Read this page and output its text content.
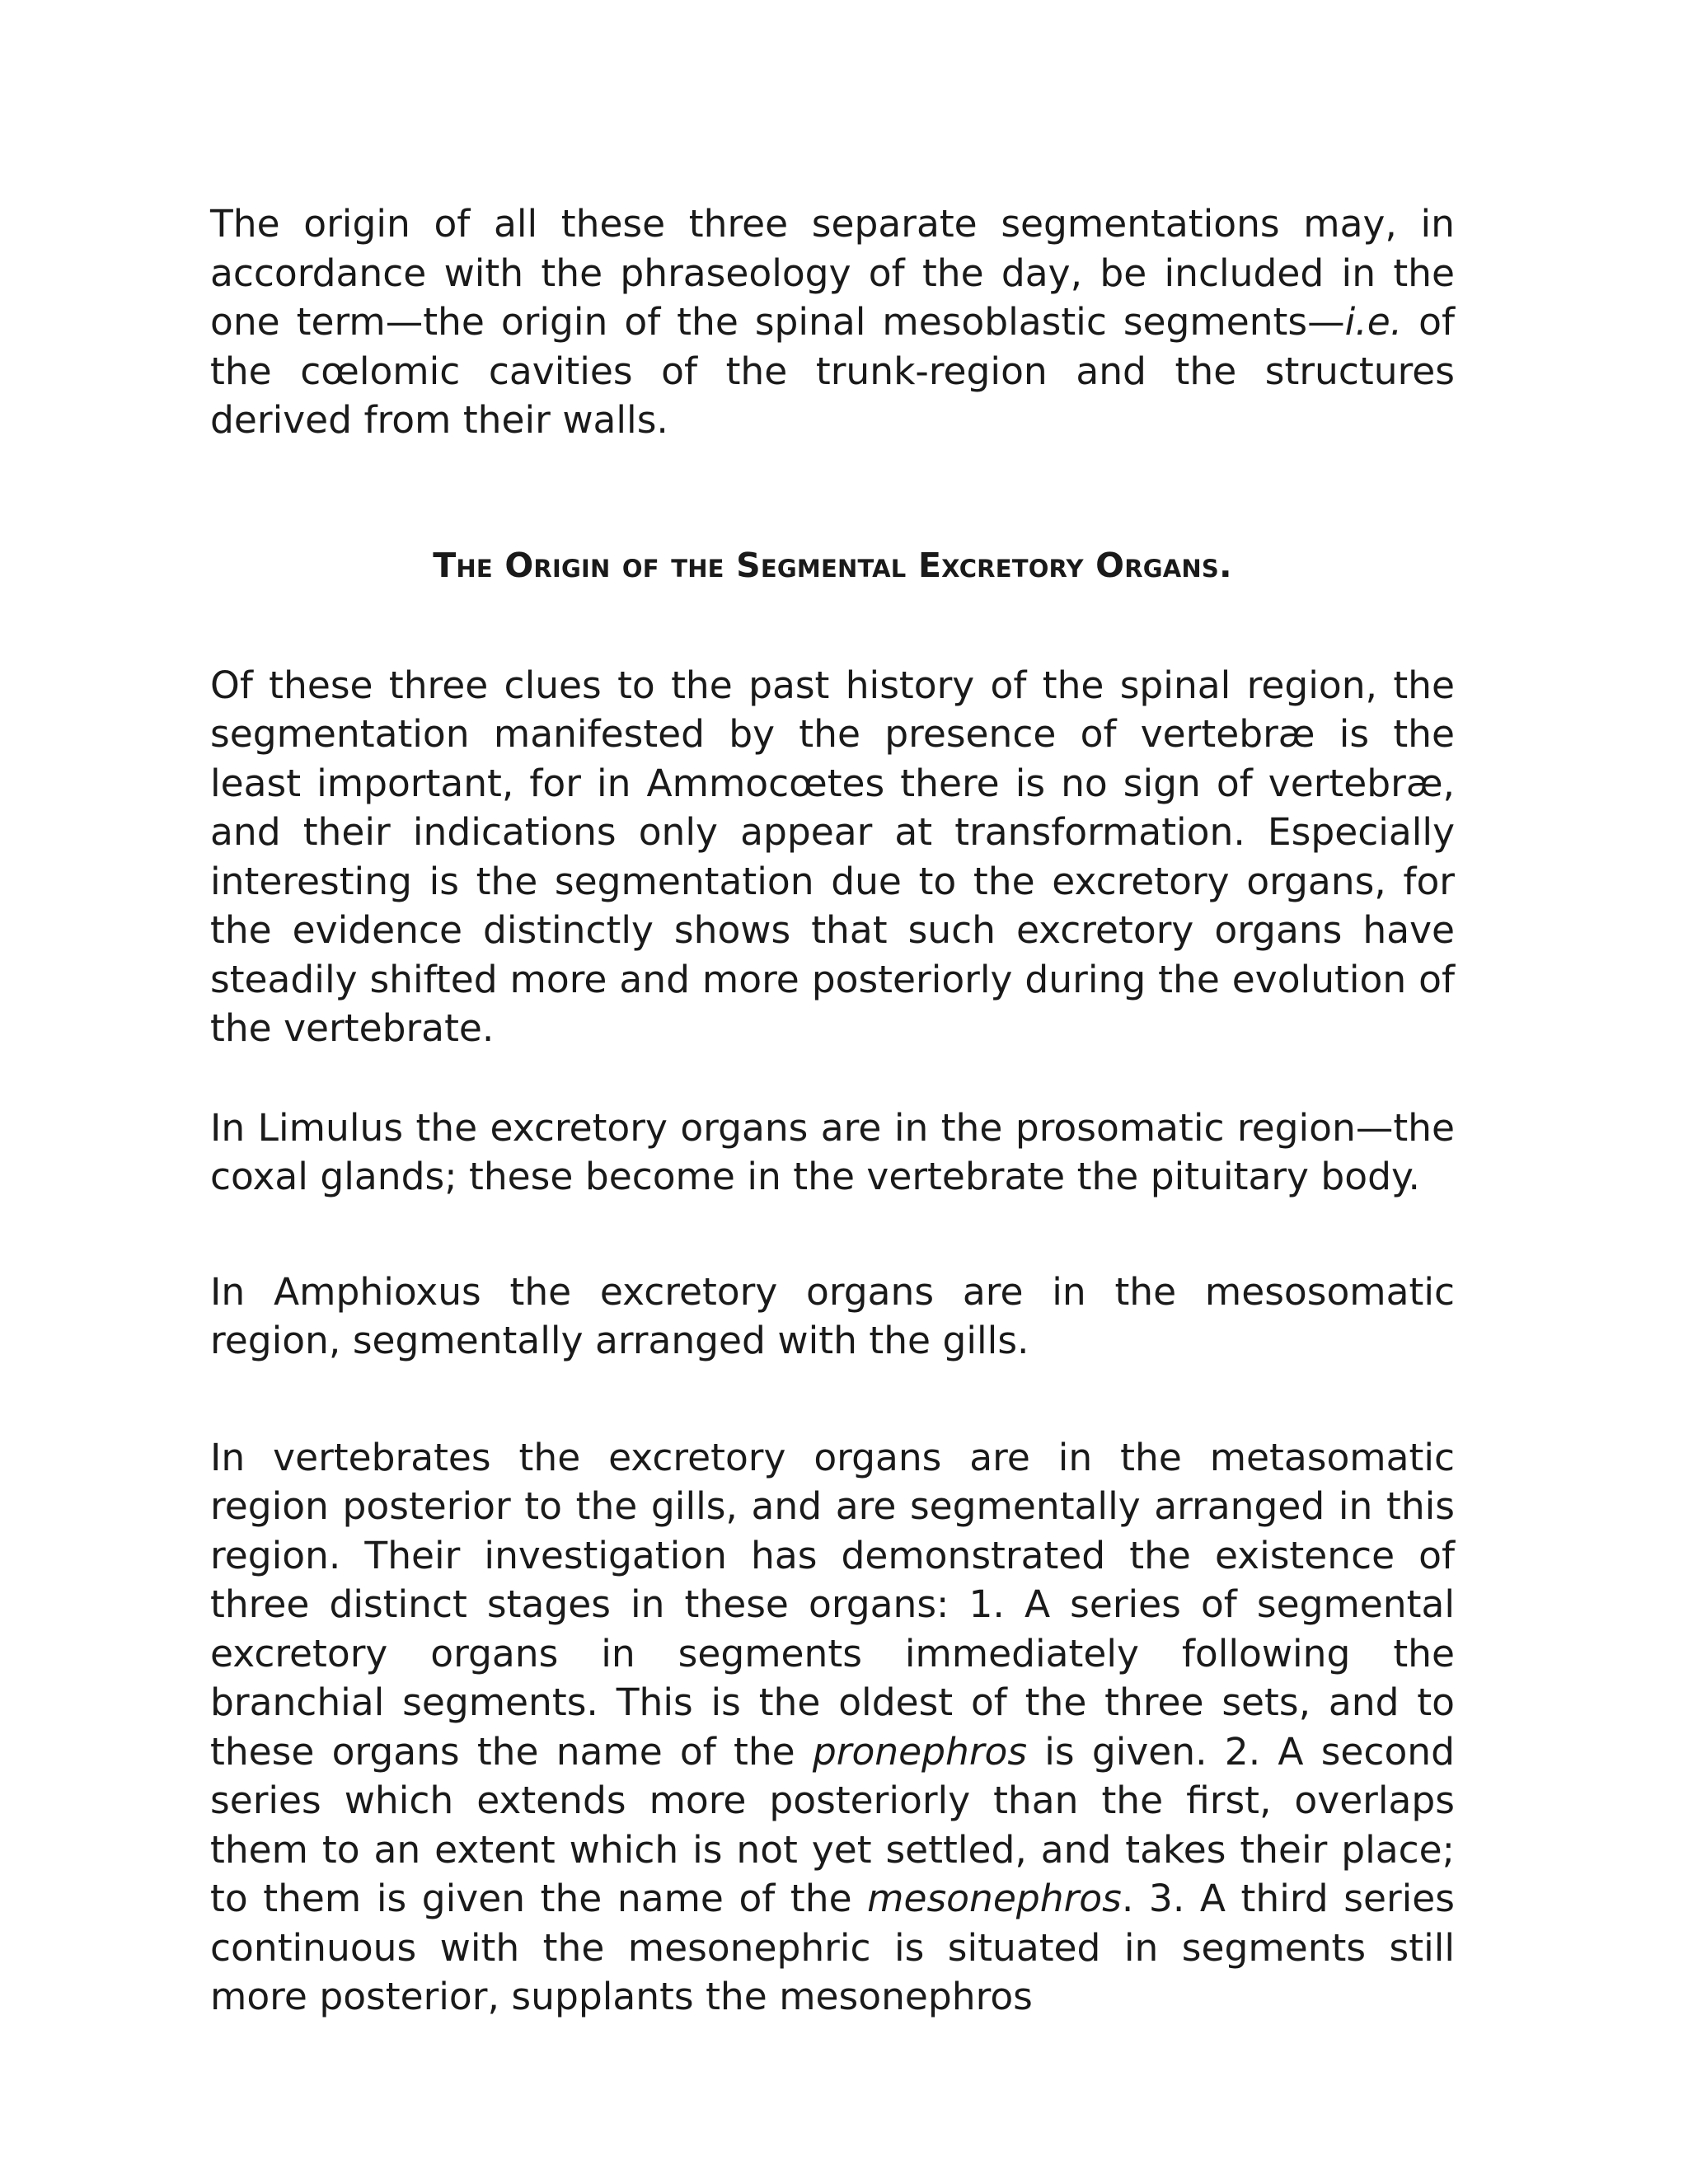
The origin of all these three separate segmentations may, in accordance with the phraseology of the day, be included in the one term—the origin of the spinal mesoblastic segments—i.e. of the cœlomic cavities of the trunk-region and the structures derived from their walls.

The Origin of the Segmental Excretory Organs.

Of these three clues to the past history of the spinal region, the segmentation manifested by the presence of vertebræ is the least important, for in Ammocœtes there is no sign of vertebræ, and their indications only appear at transformation. Especially interesting is the segmentation due to the excretory organs, for the evidence distinctly shows that such excretory organs have steadily shifted more and more posteriorly during the evolution of the vertebrate.

In Limulus the excretory organs are in the prosomatic region—the coxal glands; these become in the vertebrate the pituitary body.

In Amphioxus the excretory organs are in the mesosomatic region, segmentally arranged with the gills.

In vertebrates the excretory organs are in the metasomatic region posterior to the gills, and are segmentally arranged in this region. Their investigation has demonstrated the existence of three distinct stages in these organs: 1. A series of segmental excretory organs in segments immediately following the branchial segments. This is the oldest of the three sets, and to these organs the name of the pronephros is given. 2. A second series which extends more posteriorly than the first, overlaps them to an extent which is not yet settled, and takes their place; to them is given the name of the mesonephros. 3. A third series continuous with the mesonephric is situated in segments still more posterior, supplants the mesonephros
